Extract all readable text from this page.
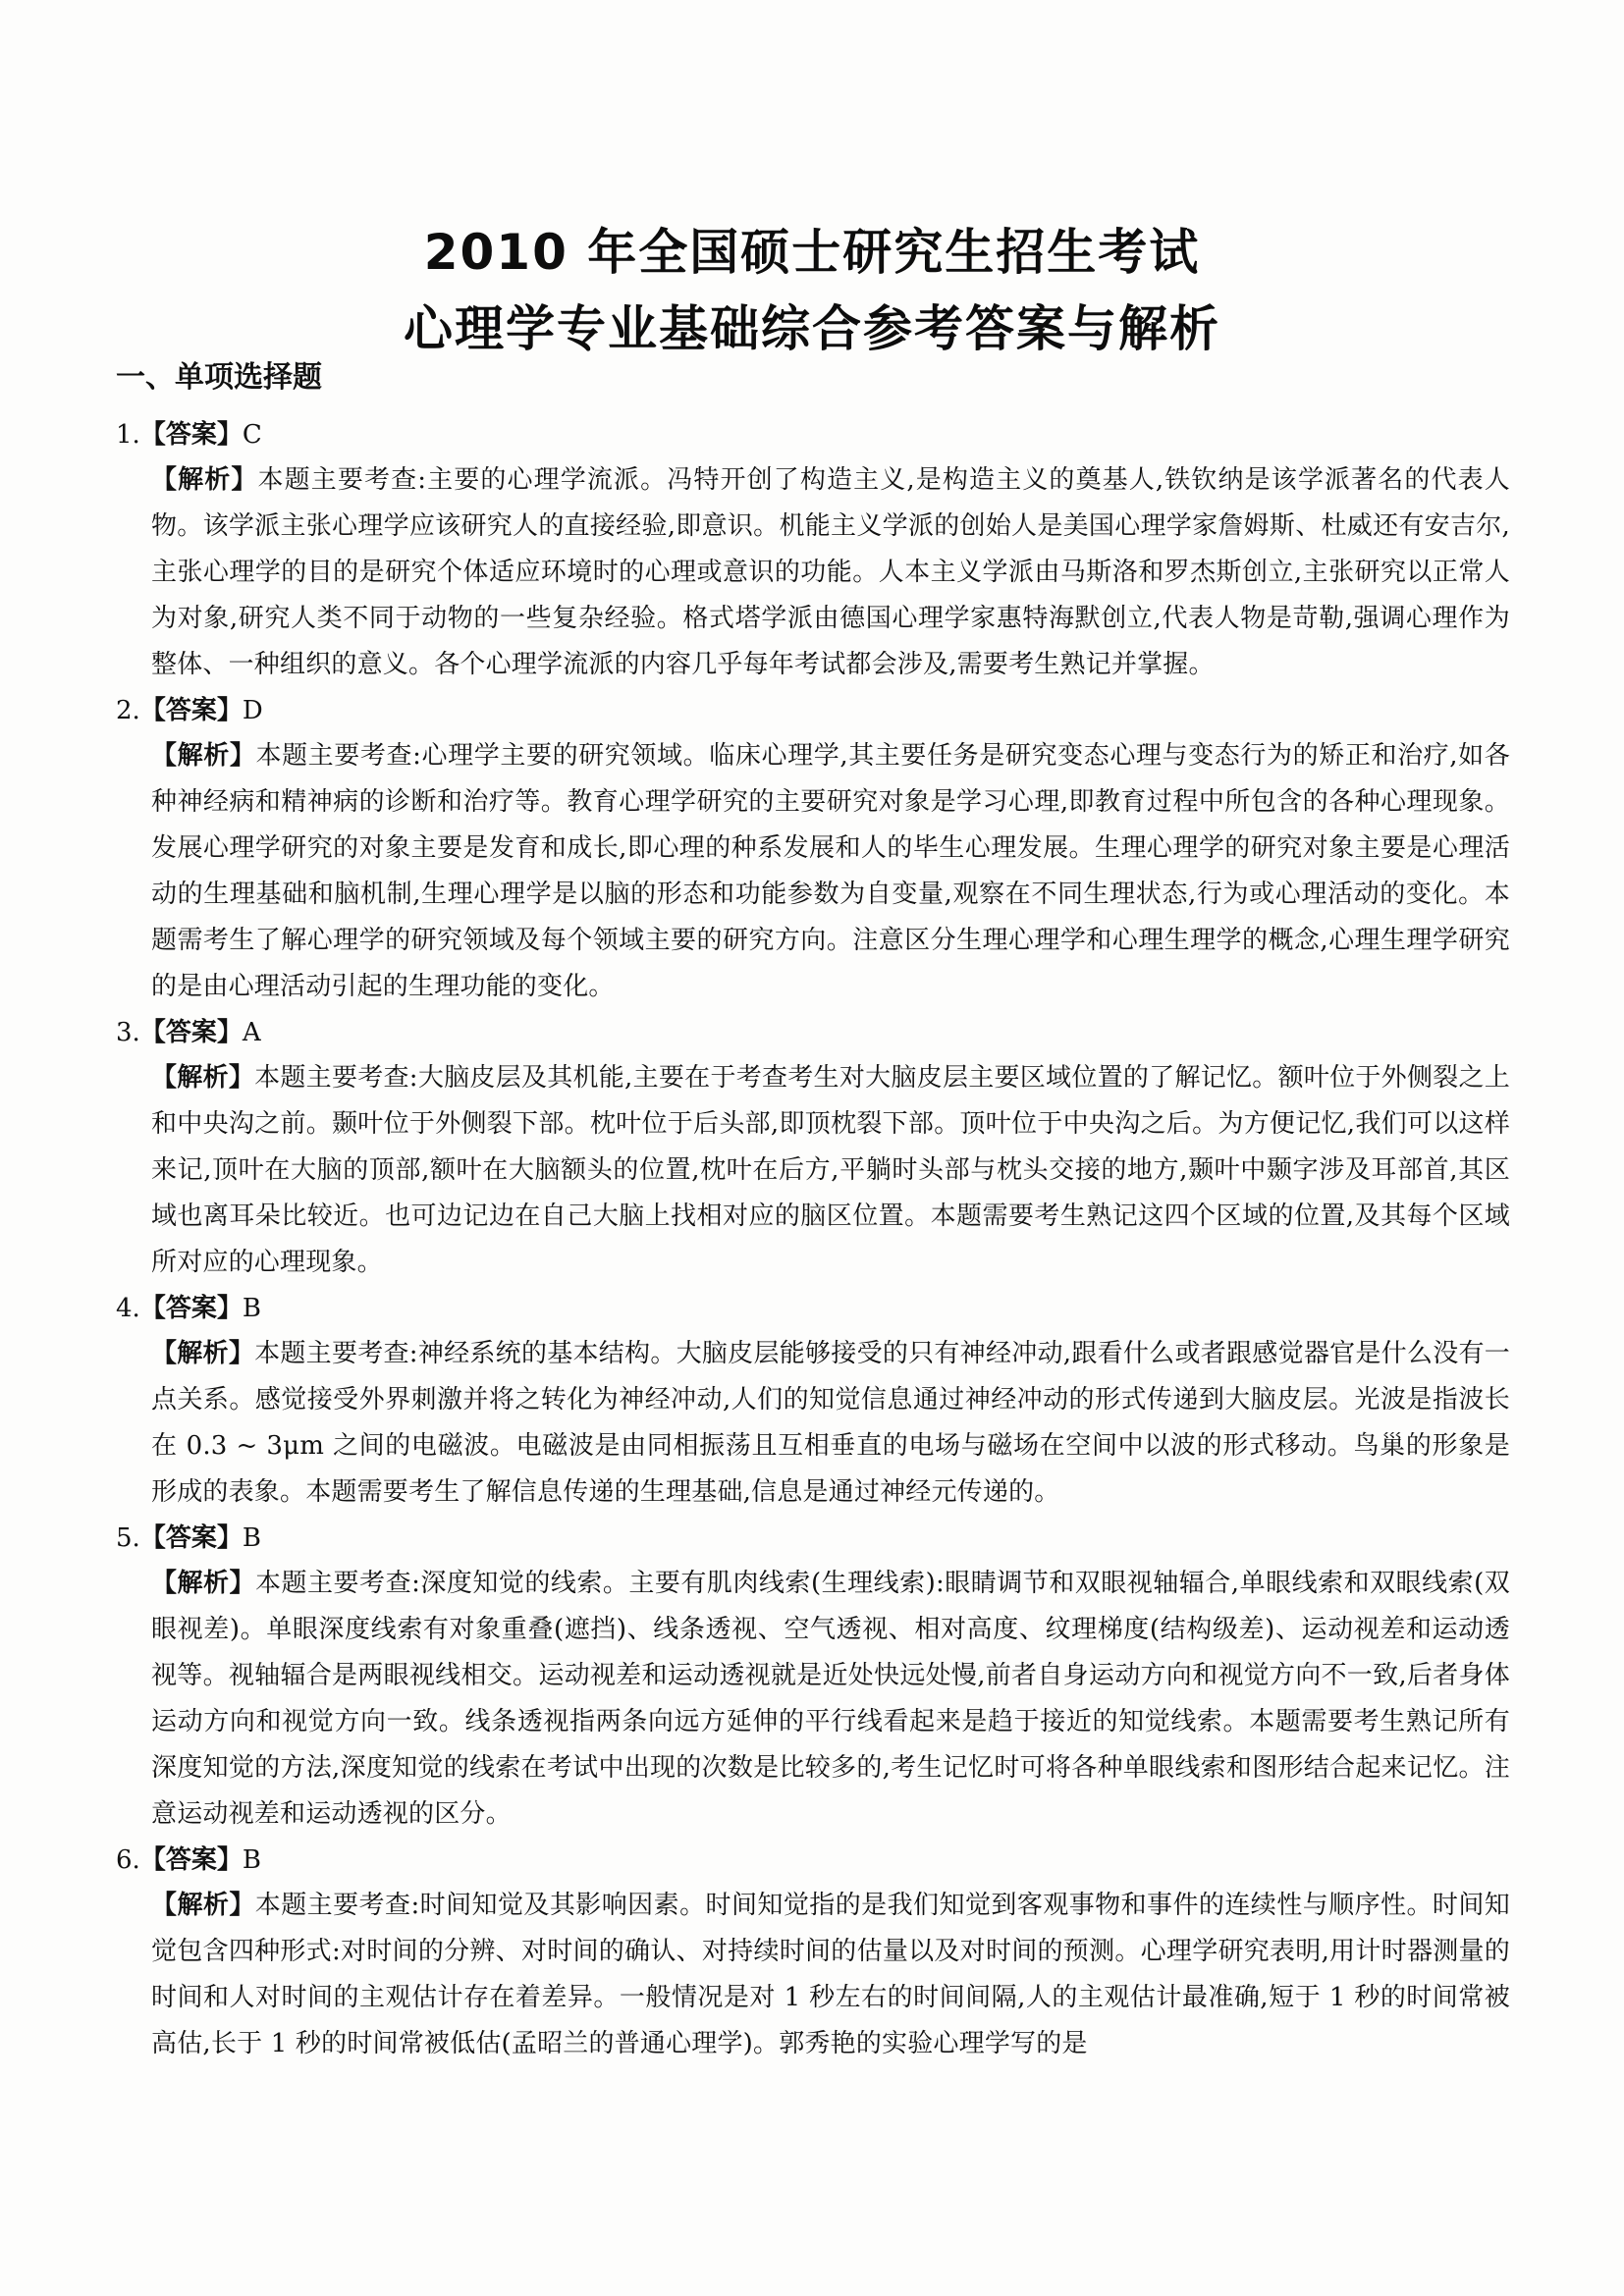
2010 年全国硕士研究生招生考试
心理学专业基础综合参考答案与解析
一、单项选择题
1.【答案】C

【解析】本题主要考查:主要的心理学流派。冯特开创了构造主义,是构造主义的奠基人,铁钦纳是该学派著名的代表人物。该学派主张心理学应该研究人的直接经验,即意识。机能主义学派的创始人是美国心理学家詹姆斯、杜威还有安吉尔,主张心理学的目的是研究个体适应环境时的心理或意识的功能。人本主义学派由马斯洛和罗杰斯创立,主张研究以正常人为对象,研究人类不同于动物的一些复杂经验。格式塔学派由德国心理学家惠特海默创立,代表人物是苛勒,强调心理作为整体、一种组织的意义。各个心理学流派的内容几乎每年考试都会涉及,需要考生熟记并掌握。

2.【答案】D

【解析】本题主要考查:心理学主要的研究领域。临床心理学,其主要任务是研究变态心理与变态行为的矫正和治疗,如各种神经病和精神病的诊断和治疗等。教育心理学研究的主要研究对象是学习心理,即教育过程中所包含的各种心理现象。发展心理学研究的对象主要是发育和成长,即心理的种系发展和人的毕生心理发展。生理心理学的研究对象主要是心理活动的生理基础和脑机制,生理心理学是以脑的形态和功能参数为自变量,观察在不同生理状态,行为或心理活动的变化。本题需考生了解心理学的研究领域及每个领域主要的研究方向。注意区分生理心理学和心理生理学的概念,心理生理学研究的是由心理活动引起的生理功能的变化。

3.【答案】A

【解析】本题主要考查:大脑皮层及其机能,主要在于考查考生对大脑皮层主要区域位置的了解记忆。额叶位于外侧裂之上和中央沟之前。颞叶位于外侧裂下部。枕叶位于后头部,即顶枕裂下部。顶叶位于中央沟之后。为方便记忆,我们可以这样来记,顶叶在大脑的顶部,额叶在大脑额头的位置,枕叶在后方,平躺时头部与枕头交接的地方,颞叶中颞字涉及耳部首,其区域也离耳朵比较近。也可边记边在自己大脑上找相对应的脑区位置。本题需要考生熟记这四个区域的位置,及其每个区域所对应的心理现象。

4.【答案】B

【解析】本题主要考查:神经系统的基本结构。大脑皮层能够接受的只有神经冲动,跟看什么或者跟感觉器官是什么没有一点关系。感觉接受外界刺激并将之转化为神经冲动,人们的知觉信息通过神经冲动的形式传递到大脑皮层。光波是指波长在 0.3 ~ 3μm 之间的电磁波。电磁波是由同相振荡且互相垂直的电场与磁场在空间中以波的形式移动。鸟巢的形象是形成的表象。本题需要考生了解信息传递的生理基础,信息是通过神经元传递的。

5.【答案】B

【解析】本题主要考查:深度知觉的线索。主要有肌肉线索(生理线索):眼睛调节和双眼视轴辐合,单眼线索和双眼线索(双眼视差)。单眼深度线索有对象重叠(遮挡)、线条透视、空气透视、相对高度、纹理梯度(结构级差)、运动视差和运动透视等。视轴辐合是两眼视线相交。运动视差和运动透视就是近处快远处慢,前者自身运动方向和视觉方向不一致,后者身体运动方向和视觉方向一致。线条透视指两条向远方延伸的平行线看起来是趋于接近的知觉线索。本题需要考生熟记所有深度知觉的方法,深度知觉的线索在考试中出现的次数是比较多的,考生记忆时可将各种单眼线索和图形结合起来记忆。注意运动视差和运动透视的区分。

6.【答案】B

【解析】本题主要考查:时间知觉及其影响因素。时间知觉指的是我们知觉到客观事物和事件的连续性与顺序性。时间知觉包含四种形式:对时间的分辨、对时间的确认、对持续时间的估量以及对时间的预测。心理学研究表明,用计时器测量的时间和人对时间的主观估计存在着差异。一般情况是对 1 秒左右的时间间隔,人的主观估计最准确,短于 1 秒的时间常被高估,长于 1 秒的时间常被低估(孟昭兰的普通心理学)。郭秀艳的实验心理学写的是
